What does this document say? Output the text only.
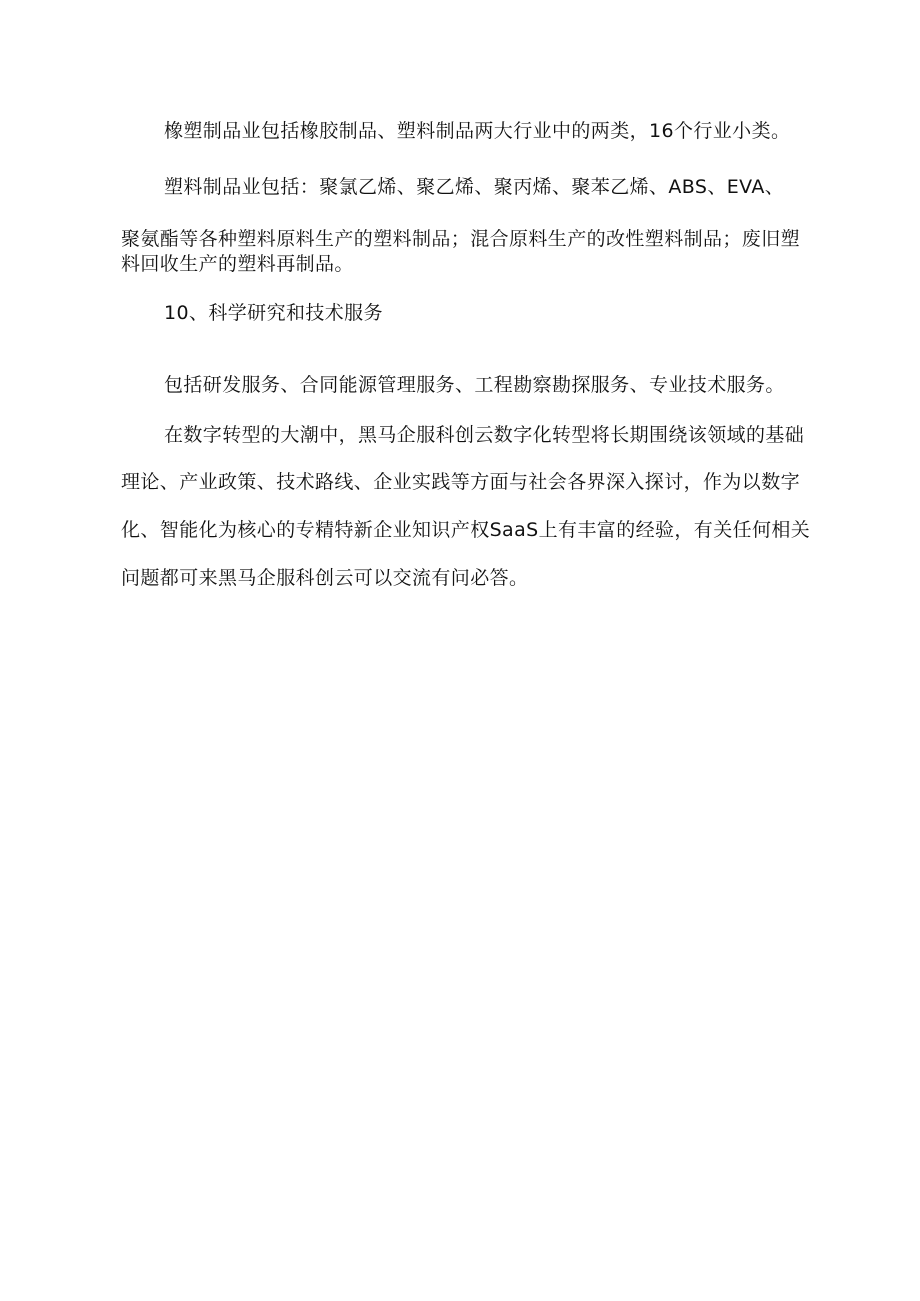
橡塑制品业包括橡胶制品、塑料制品两大行业中的两类，16个行业小类。
塑料制品业包括：聚氯乙烯、聚乙烯、聚丙烯、聚苯乙烯、ABS、EVA、
聚氨酯等各种塑料原料生产的塑料制品；混合原料生产的改性塑料制品；废旧塑
料回收生产的塑料再制品。
10、科学研究和技术服务
包括研发服务、合同能源管理服务、工程勘察勘探服务、专业技术服务。
在数字转型的大潮中，黑马企服科创云数字化转型将长期围绕该领域的基础
理论、产业政策、技术路线、企业实践等方面与社会各界深入探讨，作为以数字
化、智能化为核心的专精特新企业知识产权SaaS上有丰富的经验，有关任何相关
问题都可来黑马企服科创云可以交流有问必答。
